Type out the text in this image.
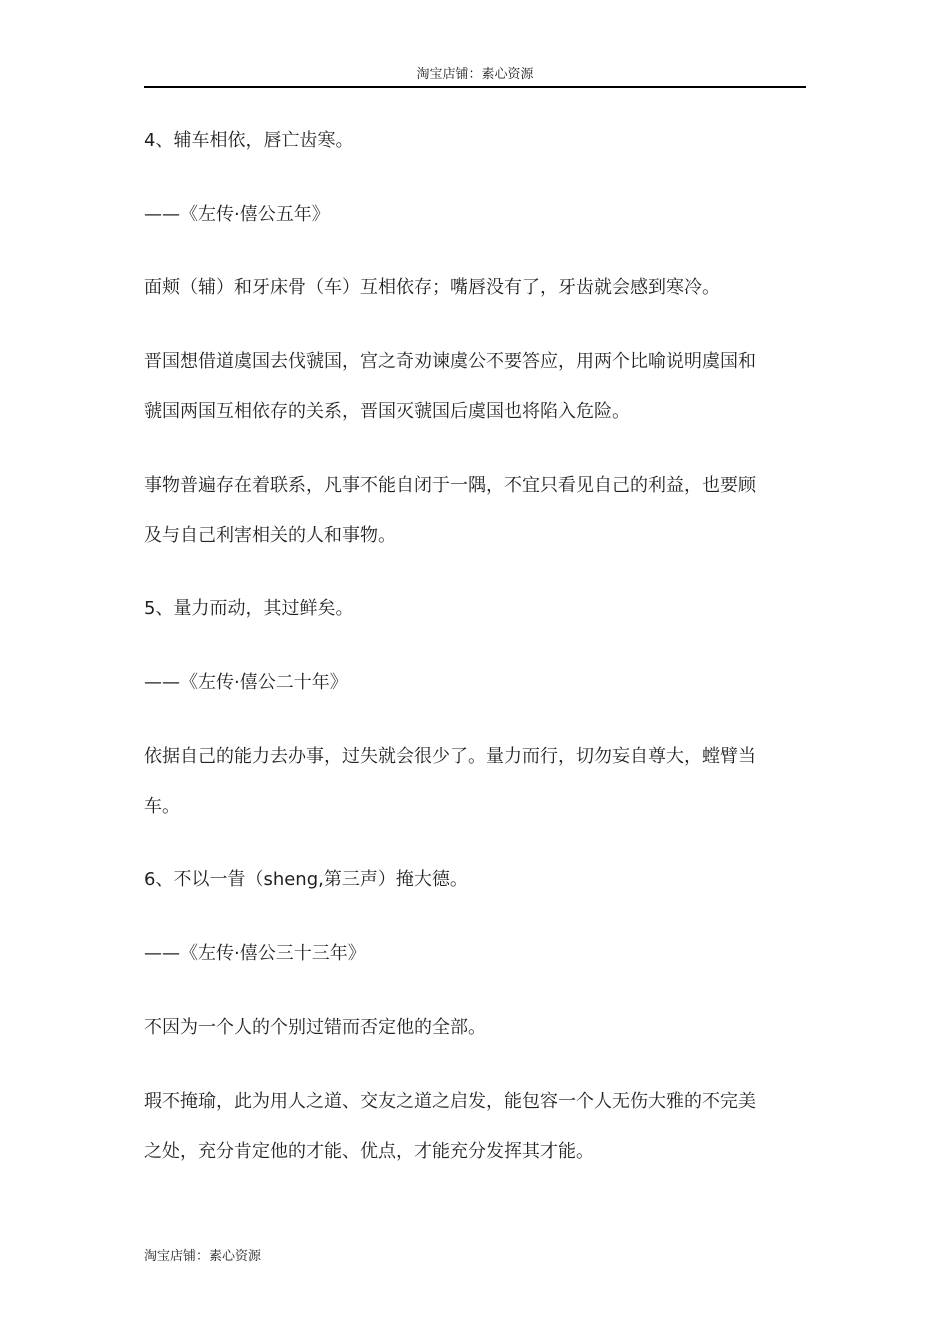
淘宝店铺：素心资源
4、辅车相依，唇亡齿寒。
——《左传·僖公五年》
面颊（辅）和牙床骨（车）互相依存；嘴唇没有了，牙齿就会感到寒冷。
晋国想借道虞国去伐虢国，宫之奇劝谏虞公不要答应，用两个比喻说明虞国和
虢国两国互相依存的关系，晋国灭虢国后虞国也将陷入危险。
事物普遍存在着联系，凡事不能自闭于一隅，不宜只看见自己的利益，也要顾
及与自己利害相关的人和事物。
5、量力而动，其过鲜矣。
——《左传·僖公二十年》
依据自己的能力去办事，过失就会很少了。量力而行，切勿妄自尊大，螳臂当
车。
6、不以一眚（sheng,第三声）掩大德。
——《左传·僖公三十三年》
不因为一个人的个别过错而否定他的全部。
瑕不掩瑜，此为用人之道、交友之道之启发，能包容一个人无伤大雅的不完美
之处，充分肯定他的才能、优点，才能充分发挥其才能。
淘宝店铺：素心资源
